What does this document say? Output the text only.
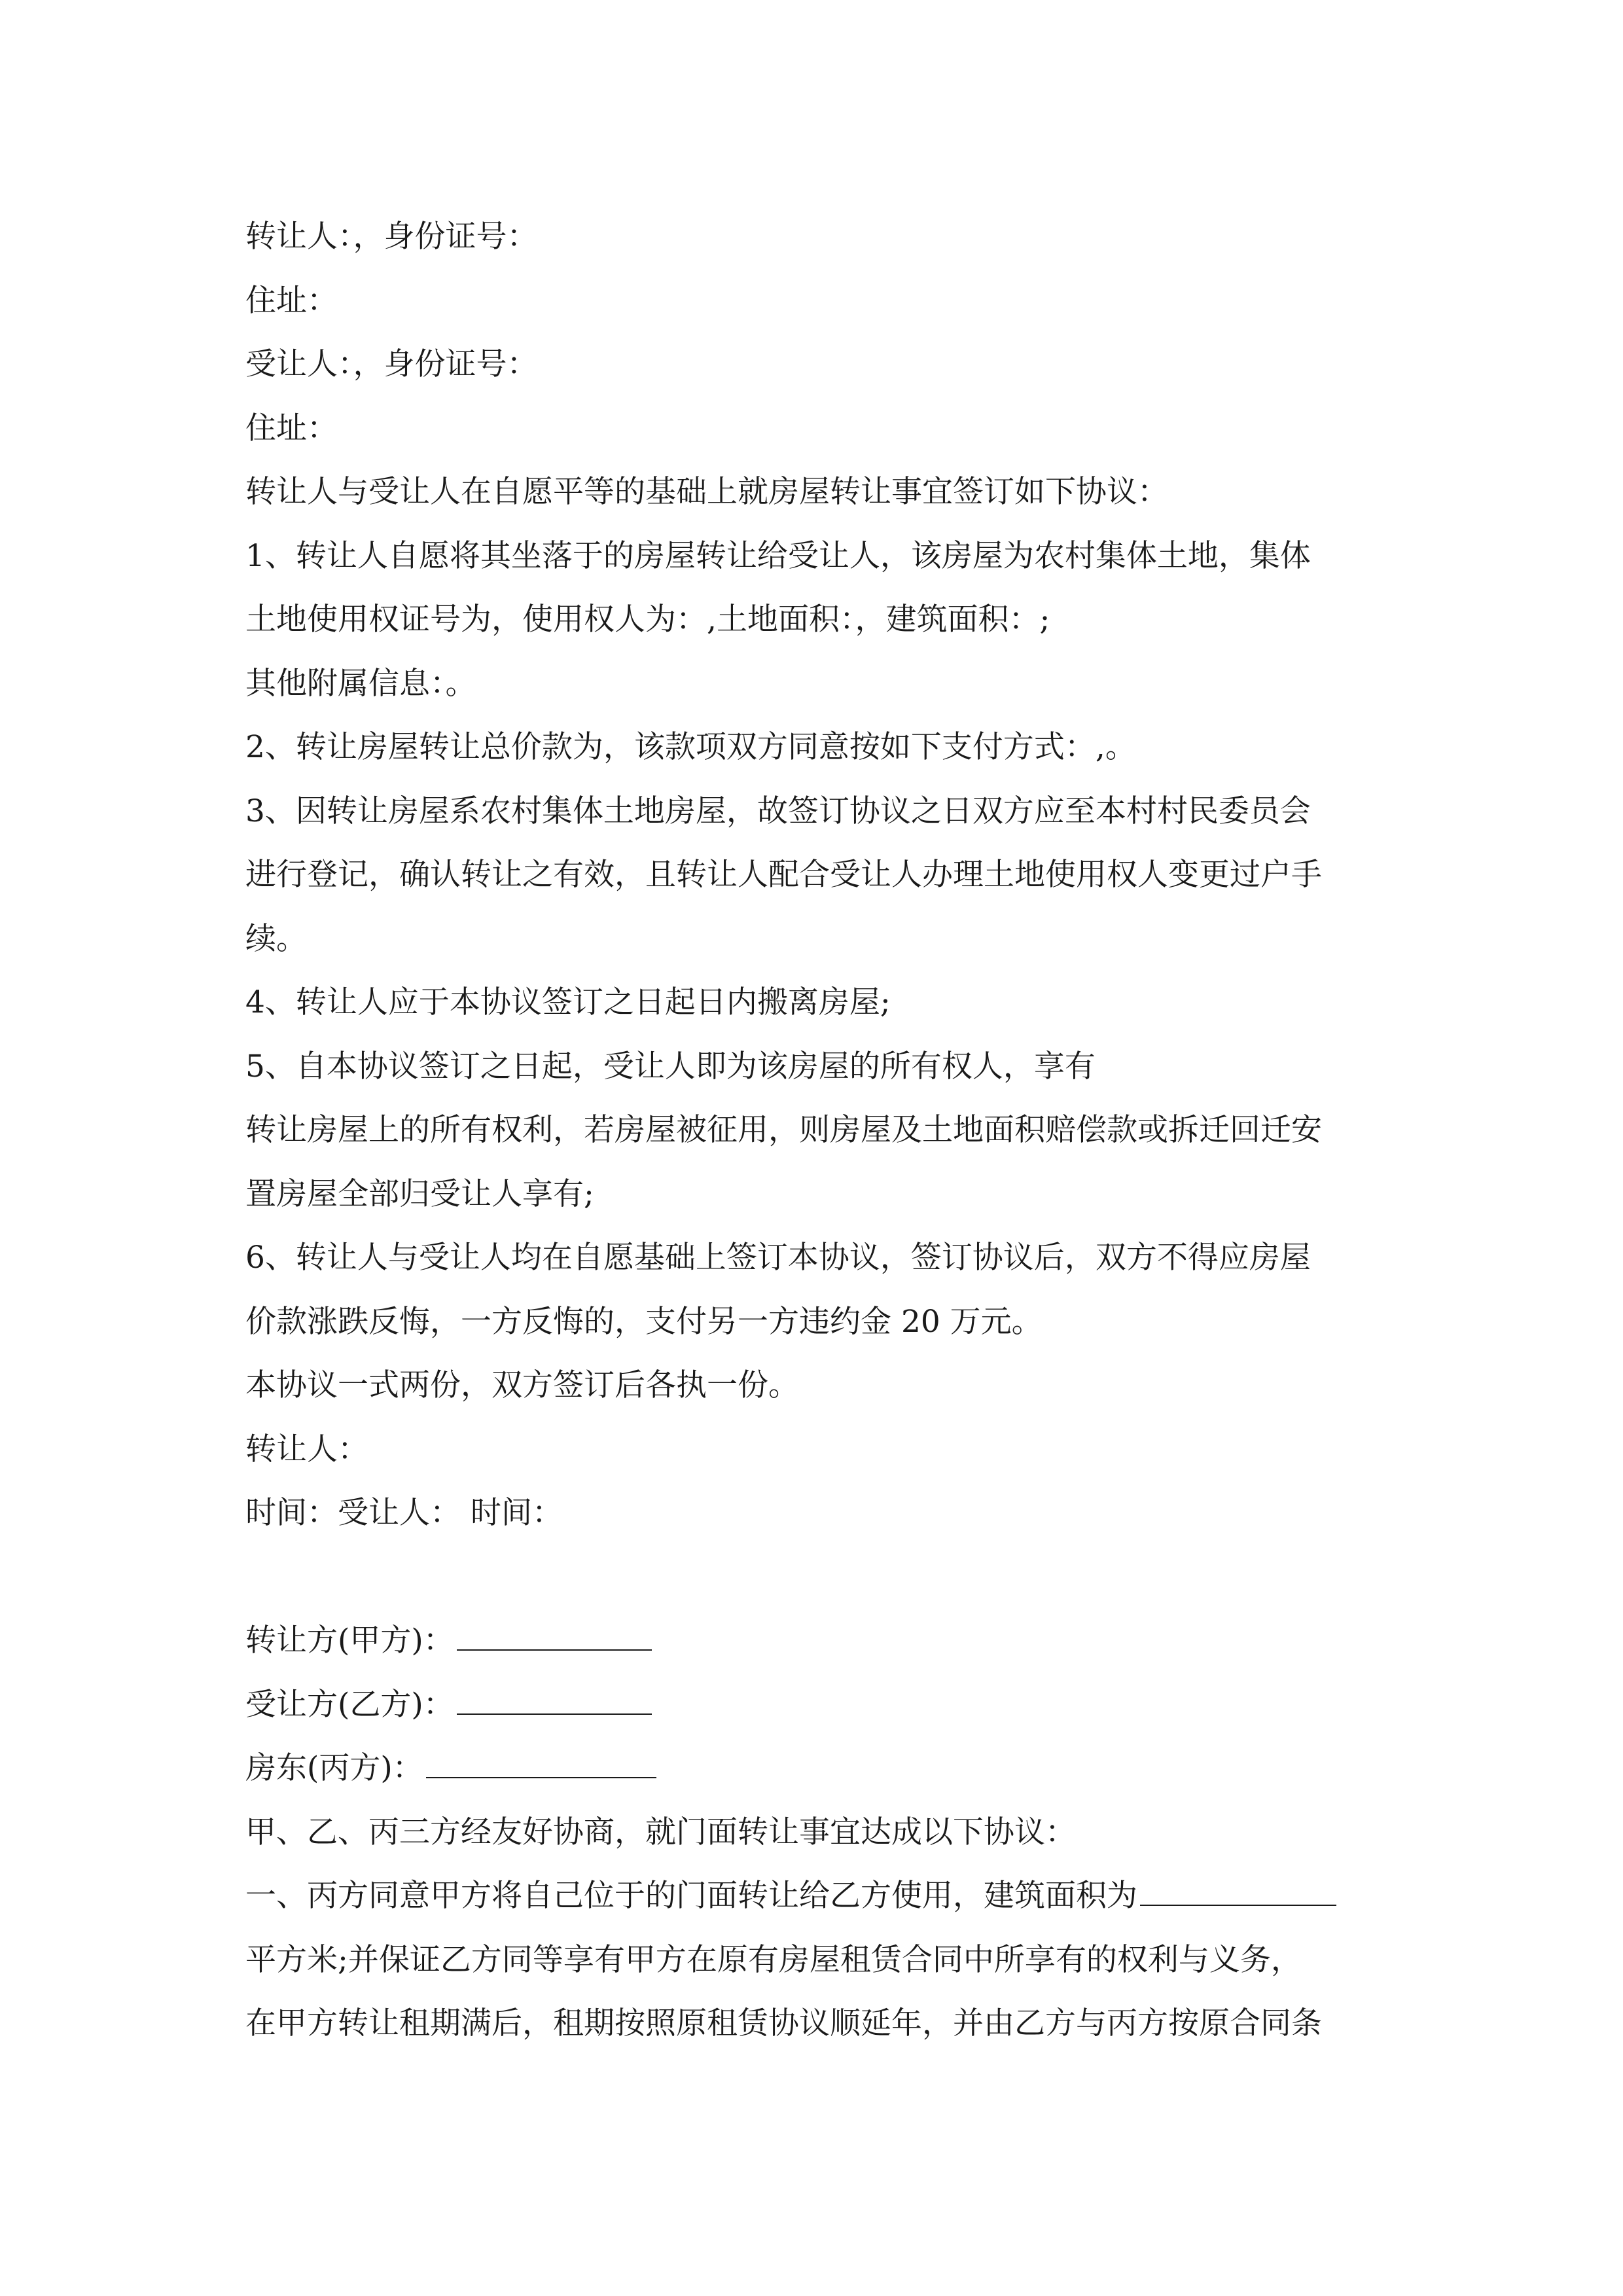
转让人：，身份证号：
住址：
受让人：，身份证号：
住址：
转让人与受让人在自愿平等的基础上就房屋转让事宜签订如下协议：
1、转让人自愿将其坐落于的房屋转让给受让人，该房屋为农村集体土地，集体
土地使用权证号为，使用权人为：,土地面积：，建筑面积：;
其他附属信息：。
2、转让房屋转让总价款为，该款项双方同意按如下支付方式：,。
3、因转让房屋系农村集体土地房屋，故签订协议之日双方应至本村村民委员会
进行登记，确认转让之有效，且转让人配合受让人办理土地使用权人变更过户手
续。
4、转让人应于本协议签订之日起日内搬离房屋;
5、自本协议签订之日起，受让人即为该房屋的所有权人，享有
转让房屋上的所有权利，若房屋被征用，则房屋及土地面积赔偿款或拆迁回迁安
置房屋全部归受让人享有;
6、转让人与受让人均在自愿基础上签订本协议，签订协议后，双方不得应房屋
价款涨跌反悔，一方反悔的，支付另一方违约金 20 万元。
本协议一式两份，双方签订后各执一份。
转让人：
时间：受让人： 时间：
转让方(甲方)：
受让方(乙方)：
房东(丙方)：
甲、乙、丙三方经友好协商，就门面转让事宜达成以下协议：
一、丙方同意甲方将自己位于的门面转让给乙方使用，建筑面积为
平方米;并保证乙方同等享有甲方在原有房屋租赁合同中所享有的权利与义务，
在甲方转让租期满后，租期按照原租赁协议顺延年，并由乙方与丙方按原合同条
